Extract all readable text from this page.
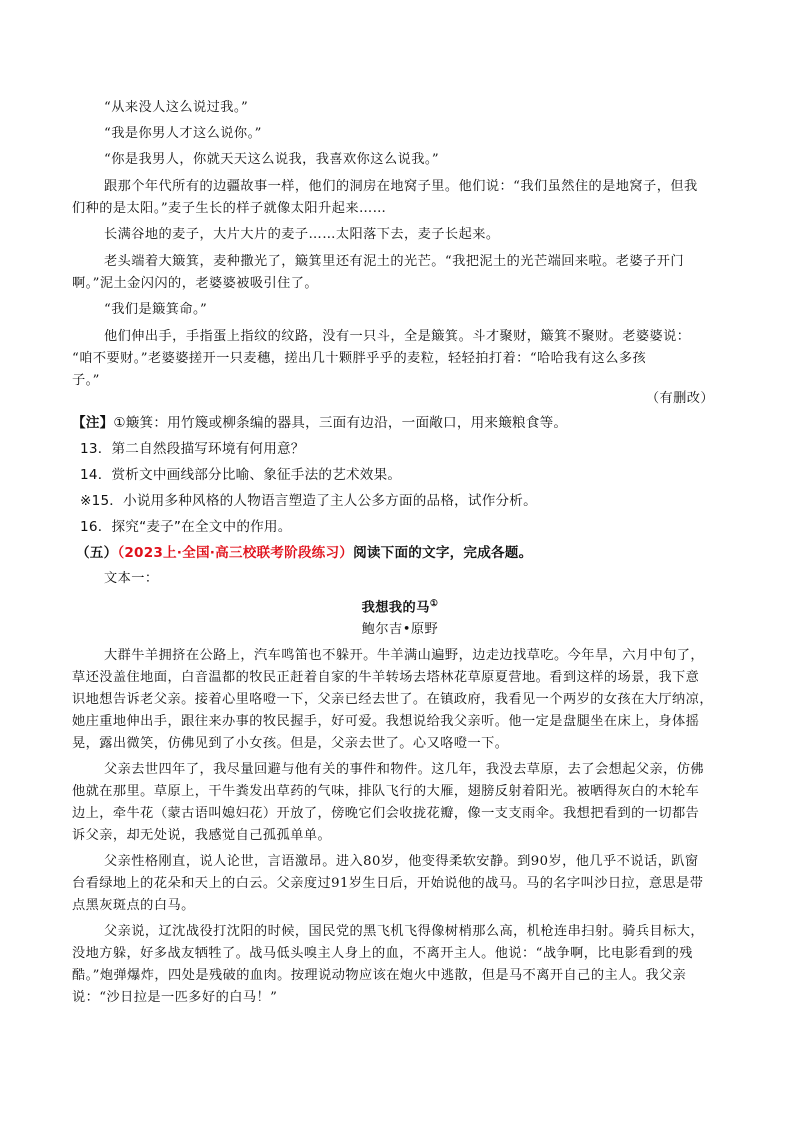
“从来没人这么说过我。”
“我是你男人才这么说你。”
“你是我男人，你就天天这么说我，我喜欢你这么说我。”
跟那个年代所有的边疆故事一样，他们的洞房在地窝子里。他们说：“我们虽然住的是地窝子，但我
们种的是太阳。”麦子生长的样子就像太阳升起来……
长满谷地的麦子，大片大片的麦子……太阳落下去，麦子长起来。
老头端着大簸箕，麦种撒光了，簸箕里还有泥土的光芒。“我把泥土的光芒端回来啦。老婆子开门
啊。”泥土金闪闪的，老婆婆被吸引住了。
“我们是簸箕命。”
他们伸出手，手指蛋上指纹的纹路，没有一只斗，全是簸箕。斗才聚财，簸箕不聚财。老婆婆说：
“咱不要财。”老婆婆搓开一只麦穗，搓出几十颗胖乎乎的麦粒，轻轻拍打着：“哈哈我有这么多孩
子。”
（有删改）
【注】①簸箕：用竹篾或柳条编的器具，三面有边沿，一面敞口，用来簸粮食等。
13．第二自然段描写环境有何用意？
14．赏析文中画线部分比喻、象征手法的艺术效果。
※15．小说用多种风格的人物语言塑造了主人公多方面的品格，试作分析。
16．探究“麦子”在全文中的作用。
（五）（2023上·全国·高三校联考阶段练习）阅读下面的文字，完成各题。
文本一：
我想我的马①
鲍尔吉•原野
大群牛羊拥挤在公路上，汽车鸣笛也不躲开。牛羊满山遍野，边走边找草吃。今年旱，六月中旬了，
草还没盖住地面，白音温都的牧民正赶着自家的牛羊转场去塔林花草原夏营地。看到这样的场景，我下意
识地想告诉老父亲。接着心里咯噔一下，父亲已经去世了。在镇政府，我看见一个两岁的女孩在大厅纳凉，
她庄重地伸出手，跟往来办事的牧民握手，好可爱。我想说给我父亲听。他一定是盘腿坐在床上，身体摇
晃，露出微笑，仿佛见到了小女孩。但是，父亲去世了。心又咯噔一下。
父亲去世四年了，我尽量回避与他有关的事件和物件。这几年，我没去草原，去了会想起父亲，仿佛
他就在那里。草原上，干牛粪发出草药的气味，排队飞行的大雁，翅膀反射着阳光。被晒得灰白的木轮车
边上，牵牛花（蒙古语叫媳妇花）开放了，傍晚它们会收拢花瓣，像一支支雨伞。我想把看到的一切都告
诉父亲，却无处说，我感觉自己孤孤单单。
父亲性格刚直，说人论世，言语激昂。进入80岁，他变得柔软安静。到90岁，他几乎不说话，趴窗
台看绿地上的花朵和天上的白云。父亲度过91岁生日后，开始说他的战马。马的名字叫沙日拉，意思是带
点黑灰斑点的白马。
父亲说，辽沈战役打沈阳的时候，国民党的黑飞机飞得像树梢那么高，机枪连串扫射。骑兵目标大，
没地方躲，好多战友牺牲了。战马低头嗅主人身上的血，不离开主人。他说：“战争啊，比电影看到的残
酷。”炮弹爆炸，四处是残破的血肉。按理说动物应该在炮火中逃散，但是马不离开自己的主人。我父亲
说：“沙日拉是一匹多好的白马！”
